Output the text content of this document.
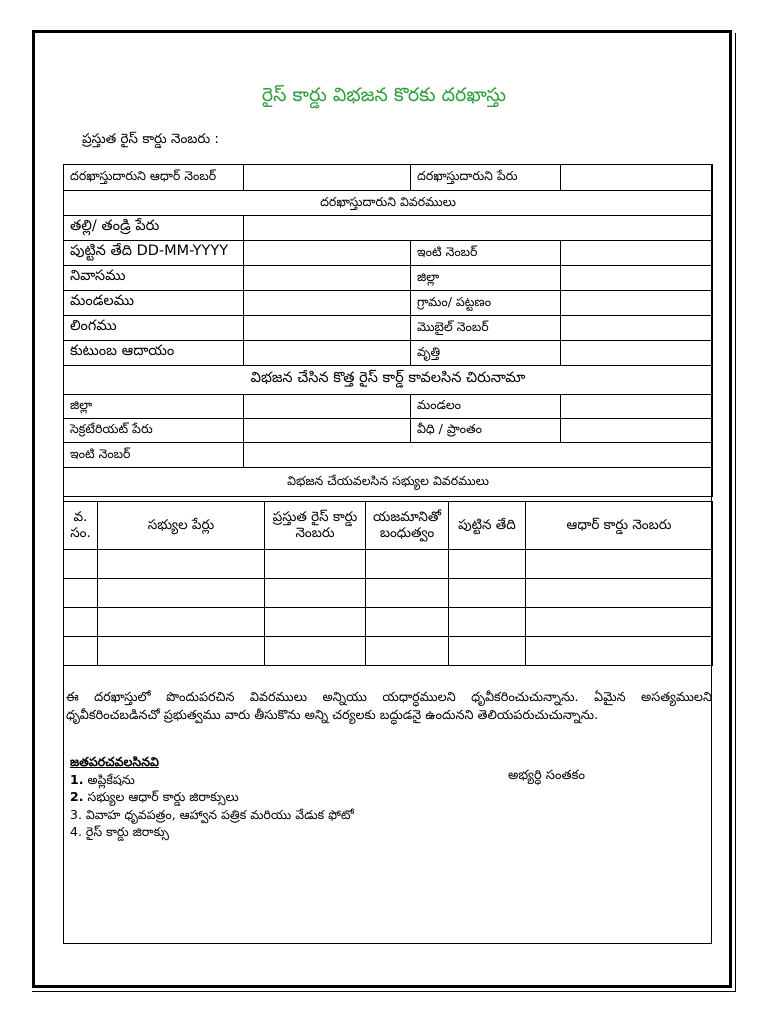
రైస్ కార్డు విభజన కొరకు దరఖాస్తు
ప్రస్తుత రైస్ కార్డు నెంబరు :
దరఖాస్తుదారుని ఆధార్ నెంబర్		దరఖాస్తుదారుని పేరు	
దరఖాస్తుదారుని వివరములు			
తల్లి/ తండ్రి పేరు			
పుట్టిన తేది DD-MM-YYYY		ఇంటి నెంబర్	
నివాసము		జిల్లా	
మండలము		గ్రామం/ పట్టణం	
లింగము		మొబైల్ నెంబర్	
కుటుంబ ఆదాయం		వృత్తి	
విభజన చేసిన కొత్త రైస్ కార్డ్ కావలసిన చిరునామా			
జిల్లా		మండలం	
సెక్రటేరియట్ పేరు		వీధి / ప్రాంతం	
ఇంటి నెంబర్			
విభజన చేయవలసిన సభ్యుల వివరములు			
వ. సం.	సభ్యుల పేర్లు	ప్రస్తుత రైస్ కార్డు నెంబరు	యజమానితో బంధుత్వం	పుట్టిన తేది	ఆధార్ కార్డు నెంబరు

ఈ దరఖాస్తులో పొందుపరచిన వివరములు అన్నియు యధార్ధములని ధృవీకరించుచున్నాను. ఏమైన అసత్యములని ధృవీకరించబడినచో ప్రభుత్వము వారు తీసుకొను అన్ని చర్యలకు బద్ధుడనై ఉందునని తెలియపరుచుచున్నాను.
జతపరచవలసినవి
1. అప్లికేషను
2. సభ్యుల ఆధార్ కార్డు జిరాక్సులు
3. వివాహ ధృవపత్రం, ఆహ్వాన పత్రిక మరియు వేడుక ఫోటో
4. రైస్ కార్డు జిరాక్సు
అభ్యర్ధి సంతకం
